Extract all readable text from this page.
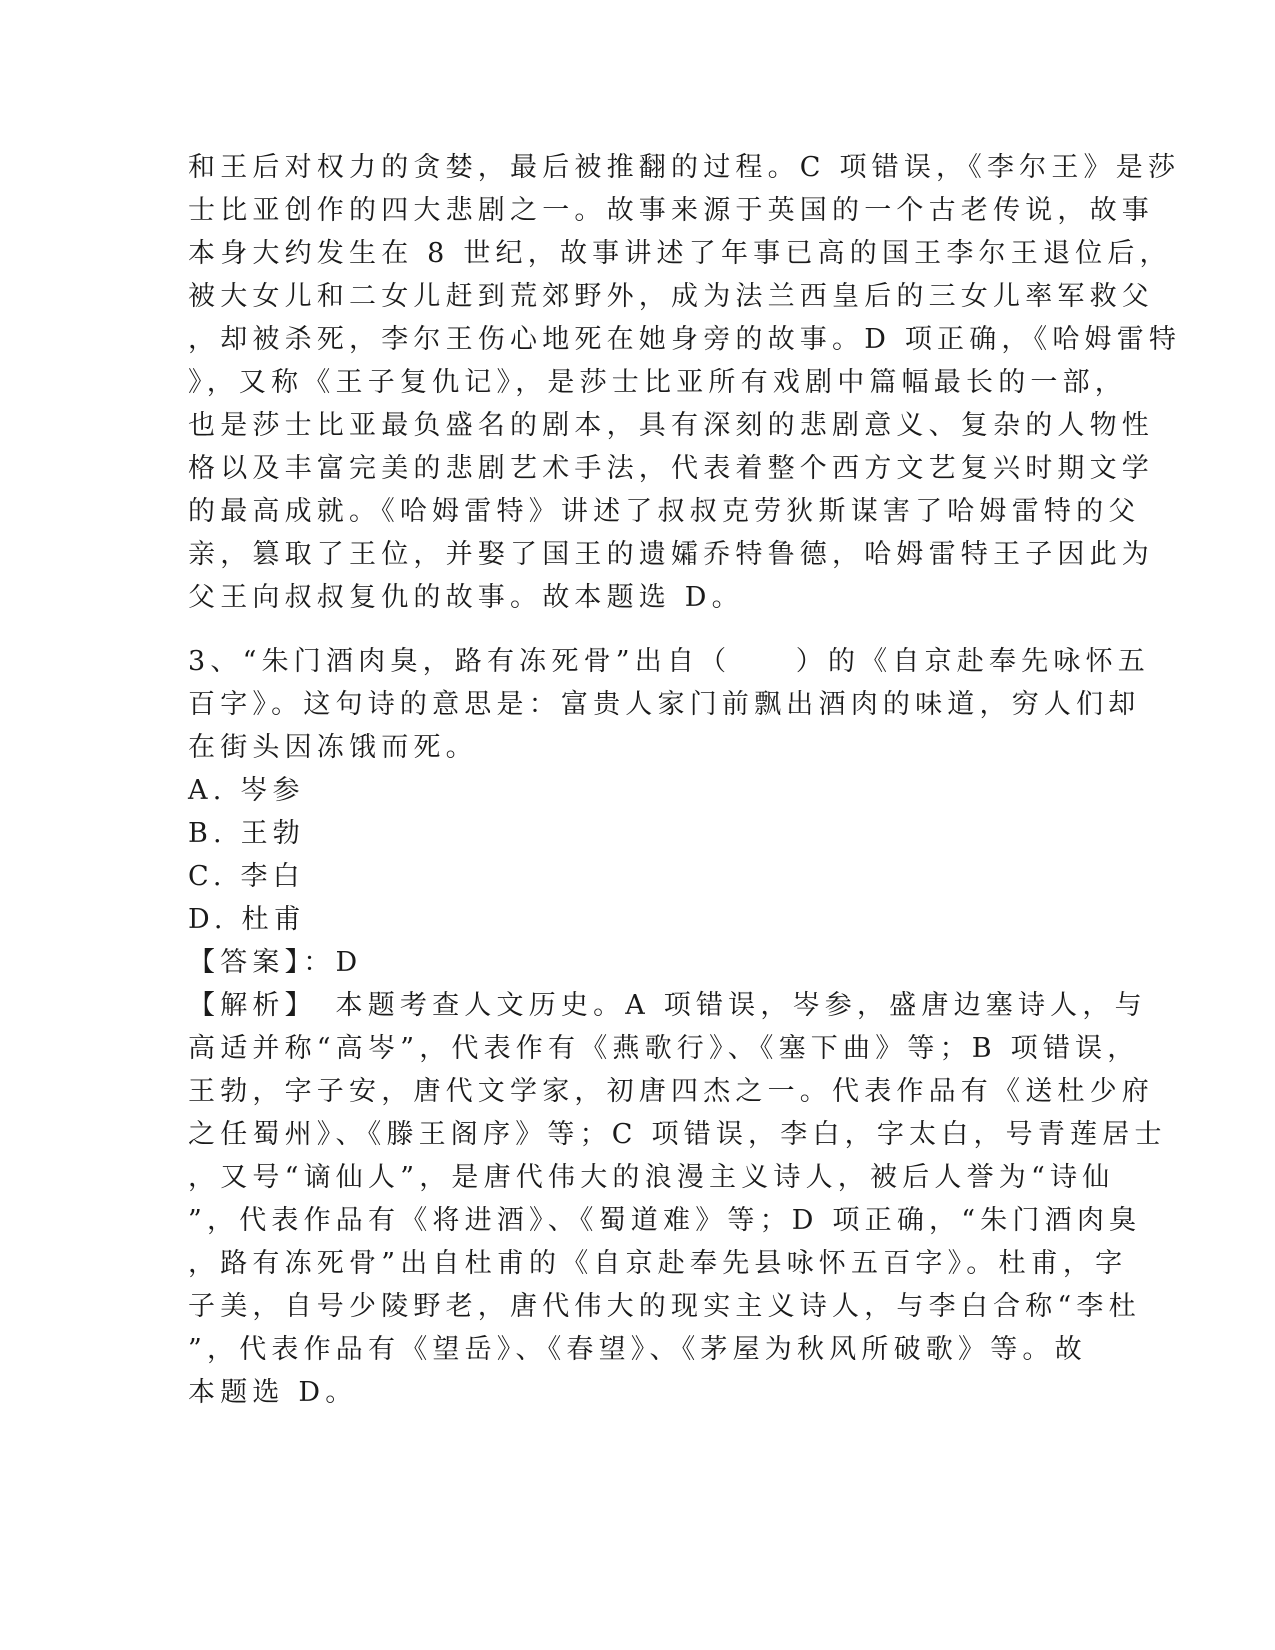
和王后对权力的贪婪，最后被推翻的过程。C 项错误，《李尔王》是莎
士比亚创作的四大悲剧之一。故事来源于英国的一个古老传说，故事
本身大约发生在 8 世纪，故事讲述了年事已高的国王李尔王退位后，
被大女儿和二女儿赶到荒郊野外，成为法兰西皇后的三女儿率军救父
，却被杀死，李尔王伤心地死在她身旁的故事。D 项正确，《哈姆雷特
》，又称《王子复仇记》，是莎士比亚所有戏剧中篇幅最长的一部，
也是莎士比亚最负盛名的剧本，具有深刻的悲剧意义、复杂的人物性
格以及丰富完美的悲剧艺术手法，代表着整个西方文艺复兴时期文学
的最高成就。《哈姆雷特》讲述了叔叔克劳狄斯谋害了哈姆雷特的父
亲，篡取了王位，并娶了国王的遗孀乔特鲁德，哈姆雷特王子因此为
父王向叔叔复仇的故事。故本题选 D。
3、“朱门酒肉臭，路有冻死骨”出自（　　）的《自京赴奉先咏怀五
百字》。这句诗的意思是：富贵人家门前飘出酒肉的味道，穷人们却
在街头因冻饿而死。
A. 岑参
B. 王勃
C. 李白
D. 杜甫
【答案】：D
【解析】　本题考查人文历史。A 项错误，岑参，盛唐边塞诗人，与
高适并称“高岑”，代表作有《燕歌行》、《塞下曲》等；B 项错误，
王勃，字子安，唐代文学家，初唐四杰之一。代表作品有《送杜少府
之任蜀州》、《滕王阁序》等；C 项错误，李白，字太白，号青莲居士
，又号“谪仙人”，是唐代伟大的浪漫主义诗人，被后人誉为“诗仙
”，代表作品有《将进酒》、《蜀道难》等；D 项正确，“朱门酒肉臭
，路有冻死骨”出自杜甫的《自京赴奉先县咏怀五百字》。杜甫，字
子美，自号少陵野老，唐代伟大的现实主义诗人，与李白合称“李杜
”，代表作品有《望岳》、《春望》、《茅屋为秋风所破歌》等。故
本题选 D。
